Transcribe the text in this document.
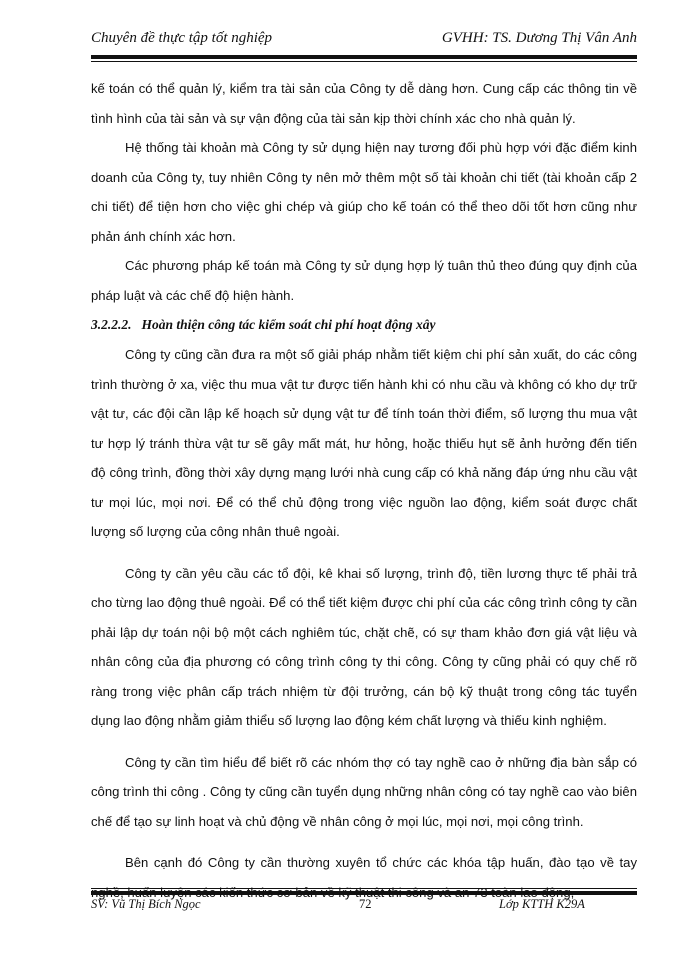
Chuyên đề thực tập tốt nghiệp	GVHH: TS. Dương Thị Vân Anh

kế toán có thể quản lý, kiểm tra tài sản của Công ty dễ dàng hơn. Cung cấp các thông tin về tình hình của tài sản và sự vận động của tài sản kịp thời chính xác cho nhà quản lý.

Hệ thống tài khoản mà Công ty sử dụng hiện nay tương đối phù hợp với đặc điểm kinh doanh của Công ty, tuy nhiên Công ty nên mở thêm một số tài khoản chi tiết (tài khoản cấp 2 chi tiết) để tiện hơn cho việc ghi chép và giúp cho kế toán có thể theo dõi tốt hơn cũng như phản ánh chính xác hơn.

Các phương pháp kế toán mà Công ty sử dụng hợp lý tuân thủ theo đúng quy định của pháp luật và các chế độ hiện hành.

3.2.2.2. Hoàn thiện công tác kiểm soát chi phí hoạt động xây

Công ty cũng cần đưa ra một số giải pháp nhằm tiết kiệm chi phí sản xuất, do các công trình thường ở xa, việc thu mua vật tư được tiến hành khi có nhu cầu và không có kho dự trữ vật tư, các đội cần lập kế hoạch sử dụng vật tư để tính toán thời điểm, số lượng thu mua vật tư hợp lý tránh thừa vật tư sẽ gây mất mát, hư hỏng, hoặc thiếu hụt sẽ ảnh hưởng đến tiến độ công trình, đồng thời xây dựng mạng lưới nhà cung cấp có khả năng đáp ứng nhu cầu vật tư mọi lúc, mọi nơi. Để có thể chủ động trong việc nguồn lao động, kiểm soát được chất lượng số lượng của công nhân thuê ngoài.

Công ty cần yêu cầu các tổ đội, kê khai số lượng, trình độ, tiền lương thực tế phải trả cho từng lao động thuê ngoài. Để có thể tiết kiệm được chi phí của các công trình công ty cần phải lập dự toán nội bộ một cách nghiêm túc, chặt chẽ, có sự tham khảo đơn giá vật liệu và nhân công của địa phương có công trình công ty thi công. Công ty cũng phải có quy chế rõ ràng trong việc phân cấp trách nhiệm từ đội trưởng, cán bộ kỹ thuật trong công tác tuyển dụng lao động nhằm giảm thiểu số lượng lao động kém chất lượng và thiếu kinh nghiệm.

Công ty cần tìm hiểu để biết rõ các nhóm thợ có tay nghề cao ở những địa bàn sắp có công trình thi công . Công ty cũng cần tuyển dụng những nhân công có tay nghề cao vào biên chế để tạo sự linh hoạt và chủ động về nhân công ở mọi lúc, mọi nơi, mọi công trình.

Bên cạnh đó Công ty cần thường xuyên tổ chức các khóa tập huấn, đào tạo về tay

SV: Vũ Thị Bích Ngọc	72	Lớp KTTH K29A
